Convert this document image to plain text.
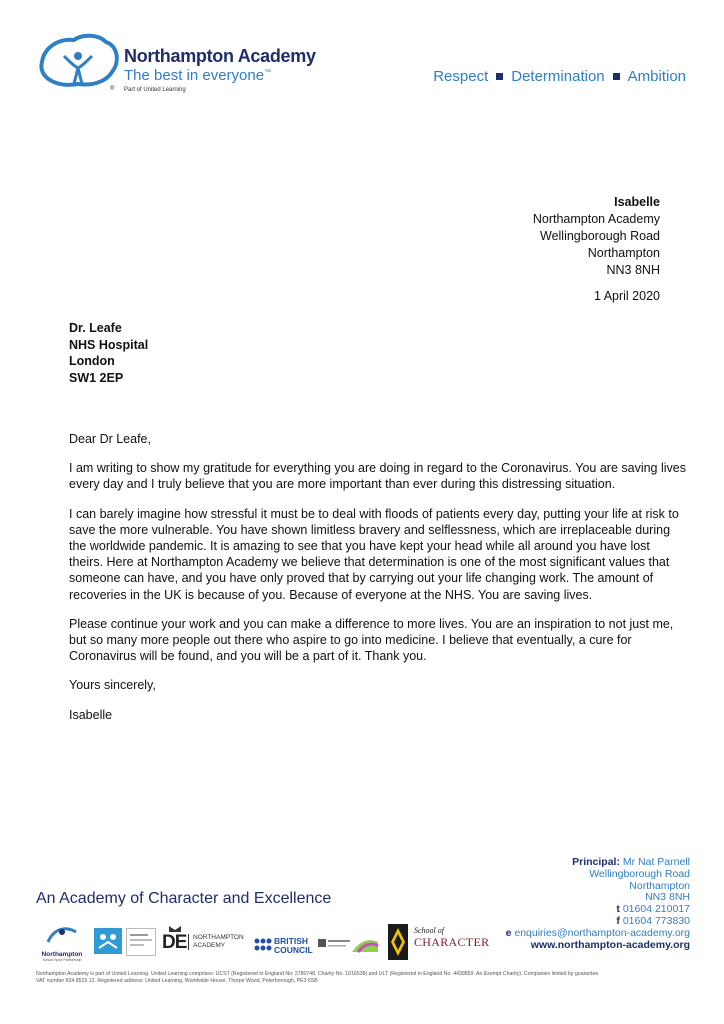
®
Northampton Academy
The best in everyone™
Part of United Learning
Respect Determination Ambition
Isabelle
Northampton Academy
Wellingborough Road
Northampton
NN3 8NH
1 April 2020
Dr. Leafe
NHS Hospital
London
SW1 2EP

Dear Dr Leafe,

I am writing to show my gratitude for everything you are doing in regard to the Coronavirus. You are saving lives every day and I truly believe that you are more important than ever during this distressing situation.

I can barely imagine how stressful it must be to deal with floods of patients every day, putting your life at risk to save the more vulnerable. You have shown limitless bravery and selflessness, which are irreplaceable during the worldwide pandemic. It is amazing to see that you have kept your head while all around you have lost theirs. Here at Northampton Academy we believe that determination is one of the most significant values that someone can have, and you have only proved that by carrying out your life changing work. The amount of recoveries in the UK is because of you. Because of everyone at the NHS. You are saving lives.

Please continue your work and you can make a difference to more lives. You are an inspiration to not just me, but so many more people out there who aspire to go into medicine. I believe that eventually, a cure for Coronavirus will be found, and you will be a part of it. Thank you.

Yours sincerely,

Isabelle

An Academy of Character and Excellence
Principal: Mr Nat Parnell
Wellingborough Road
Northampton
NN3 8NH
t 01604 210017
f 01604 773830
e enquiries@northampton-academy.org
www.northampton-academy.org
Northampton
School Sport Partnership
DE NORTHAMPTON
ACADEMY	BRITISH
COUNCIL
School of
CHARACTER
Northampton Academy is part of United Learning. United Learning comprises: UCST (Registered in England No: 2780748. Charity No. 1016538) and ULT (Registered in England No. 4439859. An Exempt Charity). Companies limited by guarantee.
VAT number 834 8515 12. Registered address: United Learning, Worldwide House, Thorpe Wood, Peterborough, PE3 6SB
